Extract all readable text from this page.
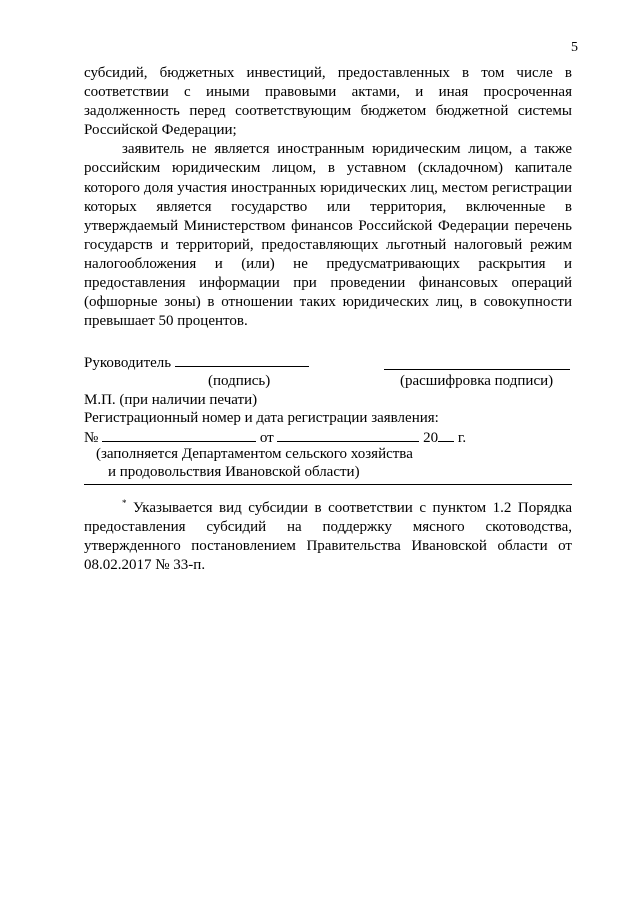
5

субсидий, бюджетных инвестиций, предоставленных в том числе в соответствии с иными правовыми актами, и иная просроченная задолженность перед соответствующим бюджетом бюджетной системы Российской Федерации;

заявитель не является иностранным юридическим лицом, а также российским юридическим лицом, в уставном (складочном) капитале которого доля участия иностранных юридических лиц, местом регистрации которых является государство или территория, включенные в утверждаемый Министерством финансов Российской Федерации перечень государств и территорий, предоставляющих льготный налоговый режим налогообложения и (или) не предусматривающих раскрытия и предоставления информации при проведении финансовых операций (офшорные зоны) в отношении таких юридических лиц, в совокупности превышает 50 процентов.

Руководитель
(подпись)	(расшифровка подписи)
М.П. (при наличии печати)
Регистрационный номер и дата регистрации заявления:
№	от	20 г.
(заполняется Департаментом сельского хозяйства
и продовольствия Ивановской области)

* Указывается вид субсидии в соответствии с пунктом 1.2 Порядка предоставления субсидий на поддержку мясного скотоводства, утвержденного постановлением Правительства Ивановской области от 08.02.2017 № 33-п.
